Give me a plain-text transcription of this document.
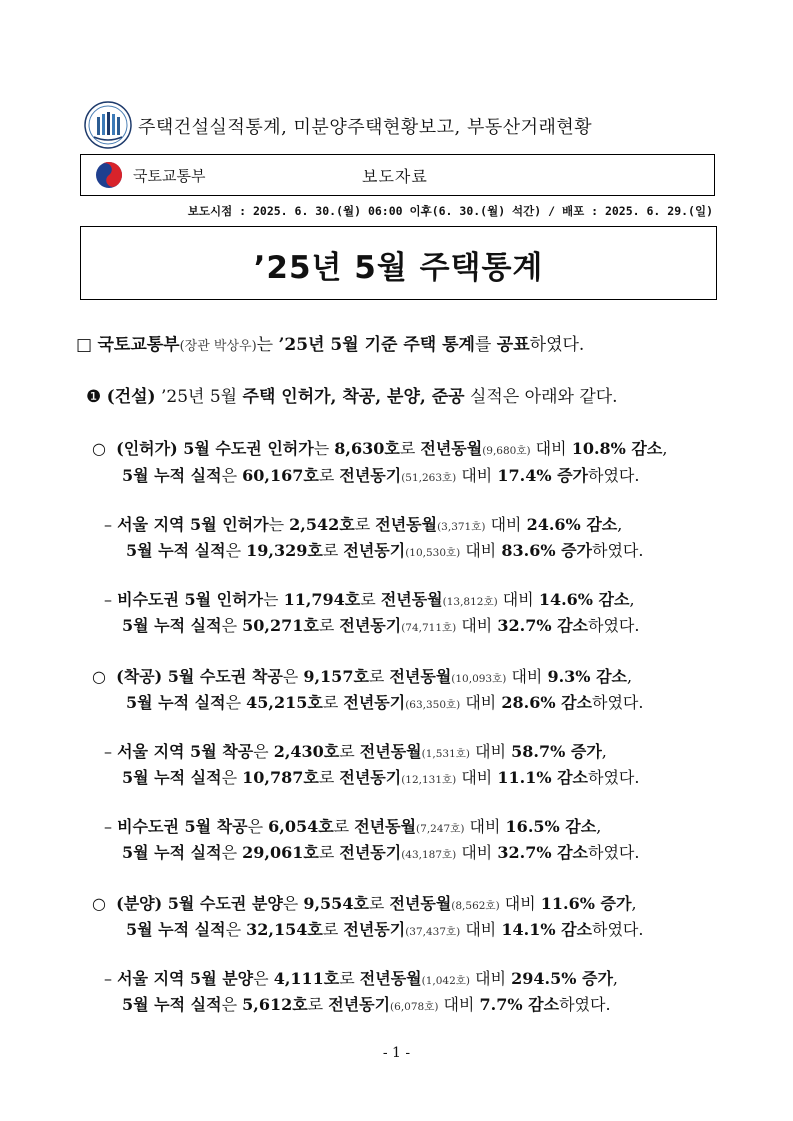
주택건설실적통계, 미분양주택현황보고, 부동산거래현황
국토교통부	보도자료
보도시점 : 2025. 6. 30.(월) 06:00 이후(6. 30.(월) 석간) / 배포 : 2025. 6. 29.(일)
’25년 5월 주택통계
□ 국토교통부(장관 박상우)는 ’25년 5월 기준 주택 통계를 공표하였다.
❶ (건설) ’25년 5월 주택 인허가, 착공, 분양, 준공 실적은 아래와 같다.
○ (인허가) 5월 수도권 인허가는 8,630호로 전년동월(9,680호) 대비 10.8% 감소,
5월 누적 실적은 60,167호로 전년동기(51,263호) 대비 17.4% 증가하였다.
– 서울 지역 5월 인허가는 2,542호로 전년동월(3,371호) 대비 24.6% 감소,
5월 누적 실적은 19,329호로 전년동기(10,530호) 대비 83.6% 증가하였다.
– 비수도권 5월 인허가는 11,794호로 전년동월(13,812호) 대비 14.6% 감소,
5월 누적 실적은 50,271호로 전년동기(74,711호) 대비 32.7% 감소하였다.
○ (착공) 5월 수도권 착공은 9,157호로 전년동월(10,093호) 대비 9.3% 감소,
5월 누적 실적은 45,215호로 전년동기(63,350호) 대비 28.6% 감소하였다.
– 서울 지역 5월 착공은 2,430호로 전년동월(1,531호) 대비 58.7% 증가,
5월 누적 실적은 10,787호로 전년동기(12,131호) 대비 11.1% 감소하였다.
– 비수도권 5월 착공은 6,054호로 전년동월(7,247호) 대비 16.5% 감소,
5월 누적 실적은 29,061호로 전년동기(43,187호) 대비 32.7% 감소하였다.
○ (분양) 5월 수도권 분양은 9,554호로 전년동월(8,562호) 대비 11.6% 증가,
5월 누적 실적은 32,154호로 전년동기(37,437호) 대비 14.1% 감소하였다.
– 서울 지역 5월 분양은 4,111호로 전년동월(1,042호) 대비 294.5% 증가,
5월 누적 실적은 5,612호로 전년동기(6,078호) 대비 7.7% 감소하였다.
- 1 -
